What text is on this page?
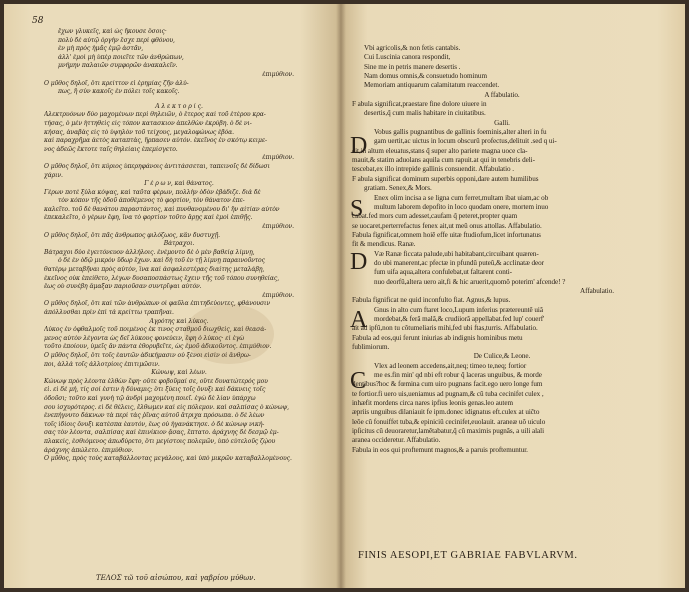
58
ἔχων γλυκεῖς, καὶ ὡς ἤκουσε ὅσοις·
πολὺ δὲ αὐτῷ ὀργὴν ἔσχε περὶ φθόνου,
ἐν μὴ πρὸς ἡμᾶς ἐμῷ ἀστᾶν,
ἀλλ' ἐμοὶ μὴ ὑπὲρ ποιεῖτε τῶν ἀνθρώπων,
μνήμην παλαιῶν συμφορῶν ἀνακαλεῖν.
ἐπιμύθιον.
Ο μῦθος δηλοῖ, ὅτι κρείττον εἶ ἐρημίας ζῆν ἀλύ-
πως, ἢ σὺν κακοῖς ἐν πόλει τοῖς κακοῖς.
Α λ ε κ τ ο ρ ί ς.
Αλεκτρυόνων δύο μαχομένων περὶ θηλειῶν, ὁ ἕτερος καὶ τοῦ ἑτέρου κρα-
τήσας, ὁ μὲν ἡττηθεὶς εἰς τόπον κατασκιον ἀπελθὼν ἐκρύβη. ὁ δὲ νι-
κήσας, ἀναβὰς εἰς τὸ ὑψηλὸν τοῦ τείχους, μεγαλοφώνως ἐβόα.
καὶ παραχρῆμα ἀετὸς καταπτὰς, ἥρπασεν αὐτόν. ἐκεῖνος ἐν σκότῳ κειμε-
νος ἀδεῶς ἔκτοτε ταῖς θηλείαις ἐπεμίσγετο.
ἐπιμύθιον.
Ο μῦθος δηλοῖ, ὅτι κύριος ὑπερηφάνοις ἀντιτάσσεται, ταπεινοῖς δὲ δίδωσι
χάριν.
Γ έ ρ ω ν, καὶ θάνατος.
Γέρων ποτὲ ξύλα κόψας, καὶ ταῦτα φέρων, πολλὴν ὁδὸν ἐβάδιζε. διὰ δὲ
τὸν κόπον τῆς ὁδοῦ ἀποθέμενος τὸ φορτίον, τὸν θάνατον ἐπε-
καλεῖτο. τοῦ δὲ θανάτου παραστάντος, καὶ πυνθανομένου δι' ἣν αἰτίαν αὐτὸν
ἐπεκαλεῖτο, ὁ γέρων ἔφη, ἵνα τὸ φορτίον τοῦτο ἄρῃς καὶ ἐμοὶ ἐπιθῇς.
ἐπιμύθιον.
Ο μῦθος δηλοῖ, ὅτι πᾶς ἄνθρωπος φιλόζωος, κἂν δυστυχῇ.
Βάτραχοι.
Βάτραχοι δύο ἐγειτόνευον ἀλλήλοις. ἐνέμοντο δὲ ὁ μὲν βαθείᾳ λίμνῃ,
ὁ δὲ ἐν ὁδῷ μικρὸν ὕδωρ ἔχων. καὶ δὴ τοῦ ἐν τῇ λίμνῃ παραινοῦντος
θατέρῳ μεταβῆναι πρὸς αὐτὸν, ἵνα καὶ ἀσφαλεστέρας διαίτης μεταλάβῃ,
ἐκεῖνος οὐκ ἐπείθετο, λέγων δυσαποσπάστως ἔχειν τῆς τοῦ τόπου συνηθείας,
ἕως οὗ συνέβη ἅμαξαν παριοῦσαν συντρῖψαι αὐτόν.
ἐπιμύθιον.
Ο μῦθος δηλοῖ, ὅτι καὶ τῶν ἀνθρώπων οἱ φαῦλα ἐπιτηδεύοντες, φθάνουσιν
ἀπόλλυσθαι πρὶν ἐπὶ τὰ κρείττω τραπῆναι.
Αγρότης καὶ λύκος.
Λύκος ἐν ὀφθαλμοῖς τοῦ ποιμένος ἐκ τινος σταθμοῦ διωχθεὶς, καὶ θεασά-
μενος αὐτὸν λέγοντα ὡς δεῖ λύκους φονεύειν, ἔφη ὁ λύκος· εἰ ἐγὼ
τοῦτο ἐποίουν, ὑμεῖς ἂν πάντα ἐθορυβεῖτε, ὡς ἐμοῦ ἀδικοῦντος. ἐπιμύθιον.
Ο μῦθος δηλοῖ, ὅτι τοῖς ἑαυτῶν ἀδικήμασιν οὐ ξένοι εἰσὶν οἱ ἄνθρω-
ποι, ἀλλὰ τοῖς ἀλλοτρίοις ἐπιτιμῶσιν.
Κώνωψ, καὶ λέων.
Κώνωψ πρὸς λέοντα ἐλθὼν ἔφη· οὔτε φοβοῦμαί σε, οὔτε δυνατώτερός μου
εἶ. εἰ δὲ μή, τίς σοί ἐστιν ἡ δύναμις; ὅτι ξύεις τοῖς ὄνυξι καὶ δάκνεις τοῖς
ὀδοῦσι; τοῦτο καὶ γυνὴ τῷ ἀνδρὶ μαχομένη ποιεῖ. ἐγὼ δὲ λίαν ὑπάρχω
σου ἰσχυρότερος. εἰ δὲ θέλεις, ἔλθωμεν καὶ εἰς πόλεμον. καὶ σαλπίσας ὁ κώνωψ,
ἐνεπήγνυτο δάκνων τὰ περὶ τὰς ῥῖνας αὐτοῦ ἄτριχα πρόσωπα. ὁ δὲ λέων
τοῖς ἰδίοις ὄνυξι κατέσπα ἑαυτόν, ἕως οὗ ἠγανάκτησε. ὁ δὲ κώνωψ νική-
σας τὸν λέοντα, σαλπίσας καὶ ἐπινίκιον ᾄσας, ἔπτατο. ἀράχνης δὲ δεσμῷ ἐμ-
πλακεὶς, ἐσθιόμενος ἀπωδύρετο, ὅτι μεγίστοις πολεμῶν, ὑπὸ εὐτελοῦς ζῴου
ἀράχνης ἀπώλετο. ἐπιμύθιον.
Ο μῦθος, πρὸς τοὺς καταβάλλοντας μεγάλους, καὶ ὑπὸ μικρῶν καταβαλλομένους.
ΤΕΛΟΣ τῶ τοῦ αἰσώπου, καὶ γαβρίου μύθων.
Vbi agricolis,& non fetis cantabis.
Cui Luscinia canora respondit,
Sine me in petris manere desertis .
Nam domus omnis,& consuetudo hominum
Memoriam antiquarum calamitatum reaccendet.
A ffabulatio.
F abula significat,praestare fine dolore uiuere in
desertis,q̃ cum malis habitare in ciuitatibus.
Galli.
Vobus gallis pugnantibus de gallinis foeminis,alter alteri in fu
gam uertit,ac uictus in locum obscurũ profectus,delituit .sed q ui-
cit,in altum eleuatus,stans q̃ super alto pariete magna uoce cla-
mauit,& statim aduolans aquila cum rapuit.at qui in tenebris deli-
tescebat,ex illo intrepide gallinis consuendit. Affabulatio .
F abula significat dominum superbis opponi,dare autem humilibus
gratiam. Senex,& Mors.
Enex olim incisa a se ligna cum ferret,multam ibat uiam,ac ob
multum laborem depofito in loco quodam onere, mortem inuo
cabat.fed mors cum adesset,caufam q̃ peteret,propter quam
se uocaret,perterrefactus fenex ait,ut meũ onus attollas. Affabulatio.
Fabula fignificat,omnem hoiẽ effe uitæ ftudiofum,licet infortunatus
fit & mendicus. Ranæ.
Væ Ranæ ficcata palude,ubi habitabant,circuibant quæren-
do ubi manerent,ac pfectæ in pfundũ puteũ,& acclinatæ deor
fum uifa aqua,altera confulebat,ut faltarent conti-
nuo deorfũ,altera uero ait,fi & hic aruerit,quomõ poterim' afcende! ?
Affabulatio.
Fabula fignificat ne quid inconfulto fiat. Agnus,& lupus.
Gnus in alto cum ftaret loco,Lupum inferius prætereuntẽ uiã
mordebat,& ferã malã,& crudiiorã appellabat.fed lup' couerf'
ait ad ipfũ,non tu cõtumeliaris mihi,fed ubi ftas,turris. Affabulatio.
Fabula ad eos,qui ferunt iniurias ab indignis hominibus metu
fublimiorum.
De Culice,& Leone.
Vlex ad leonem accedens,ait,neq; timeo te,neq; fortior
me es.fin min' qd nbi eft robur q̃ laceras unguibus, & morde
dentibus?hoc & fœmina cum uiro pugnans facit.ego uero longe fum
te fortior.fi uero uis,ueniamus ad pugnam,& cũ tuba cecinifet culex ,
inhæfit mordens circa nares ipfius leonis genas.leo autem
æpriis unguibus dilaniauit fe ipm.donec idignatus eft.culex at uiĉto
leõe cũ fonuiffet tuba,& epiniciũ cecinifet,euolauit. araneæ uõ uiculo
ipſicitus cũ deuoraretur,lamẽtabatur,q̃ cũ maximis pugnãs, a uili alali
aranea occideretur. Affabulatio.
Fabula in eos qui proftemunt magnos,& a paruis proftemuntur.
D
S
D
A
C
FINIS AESOPI,ET GABRIAE FABVLARVM.
